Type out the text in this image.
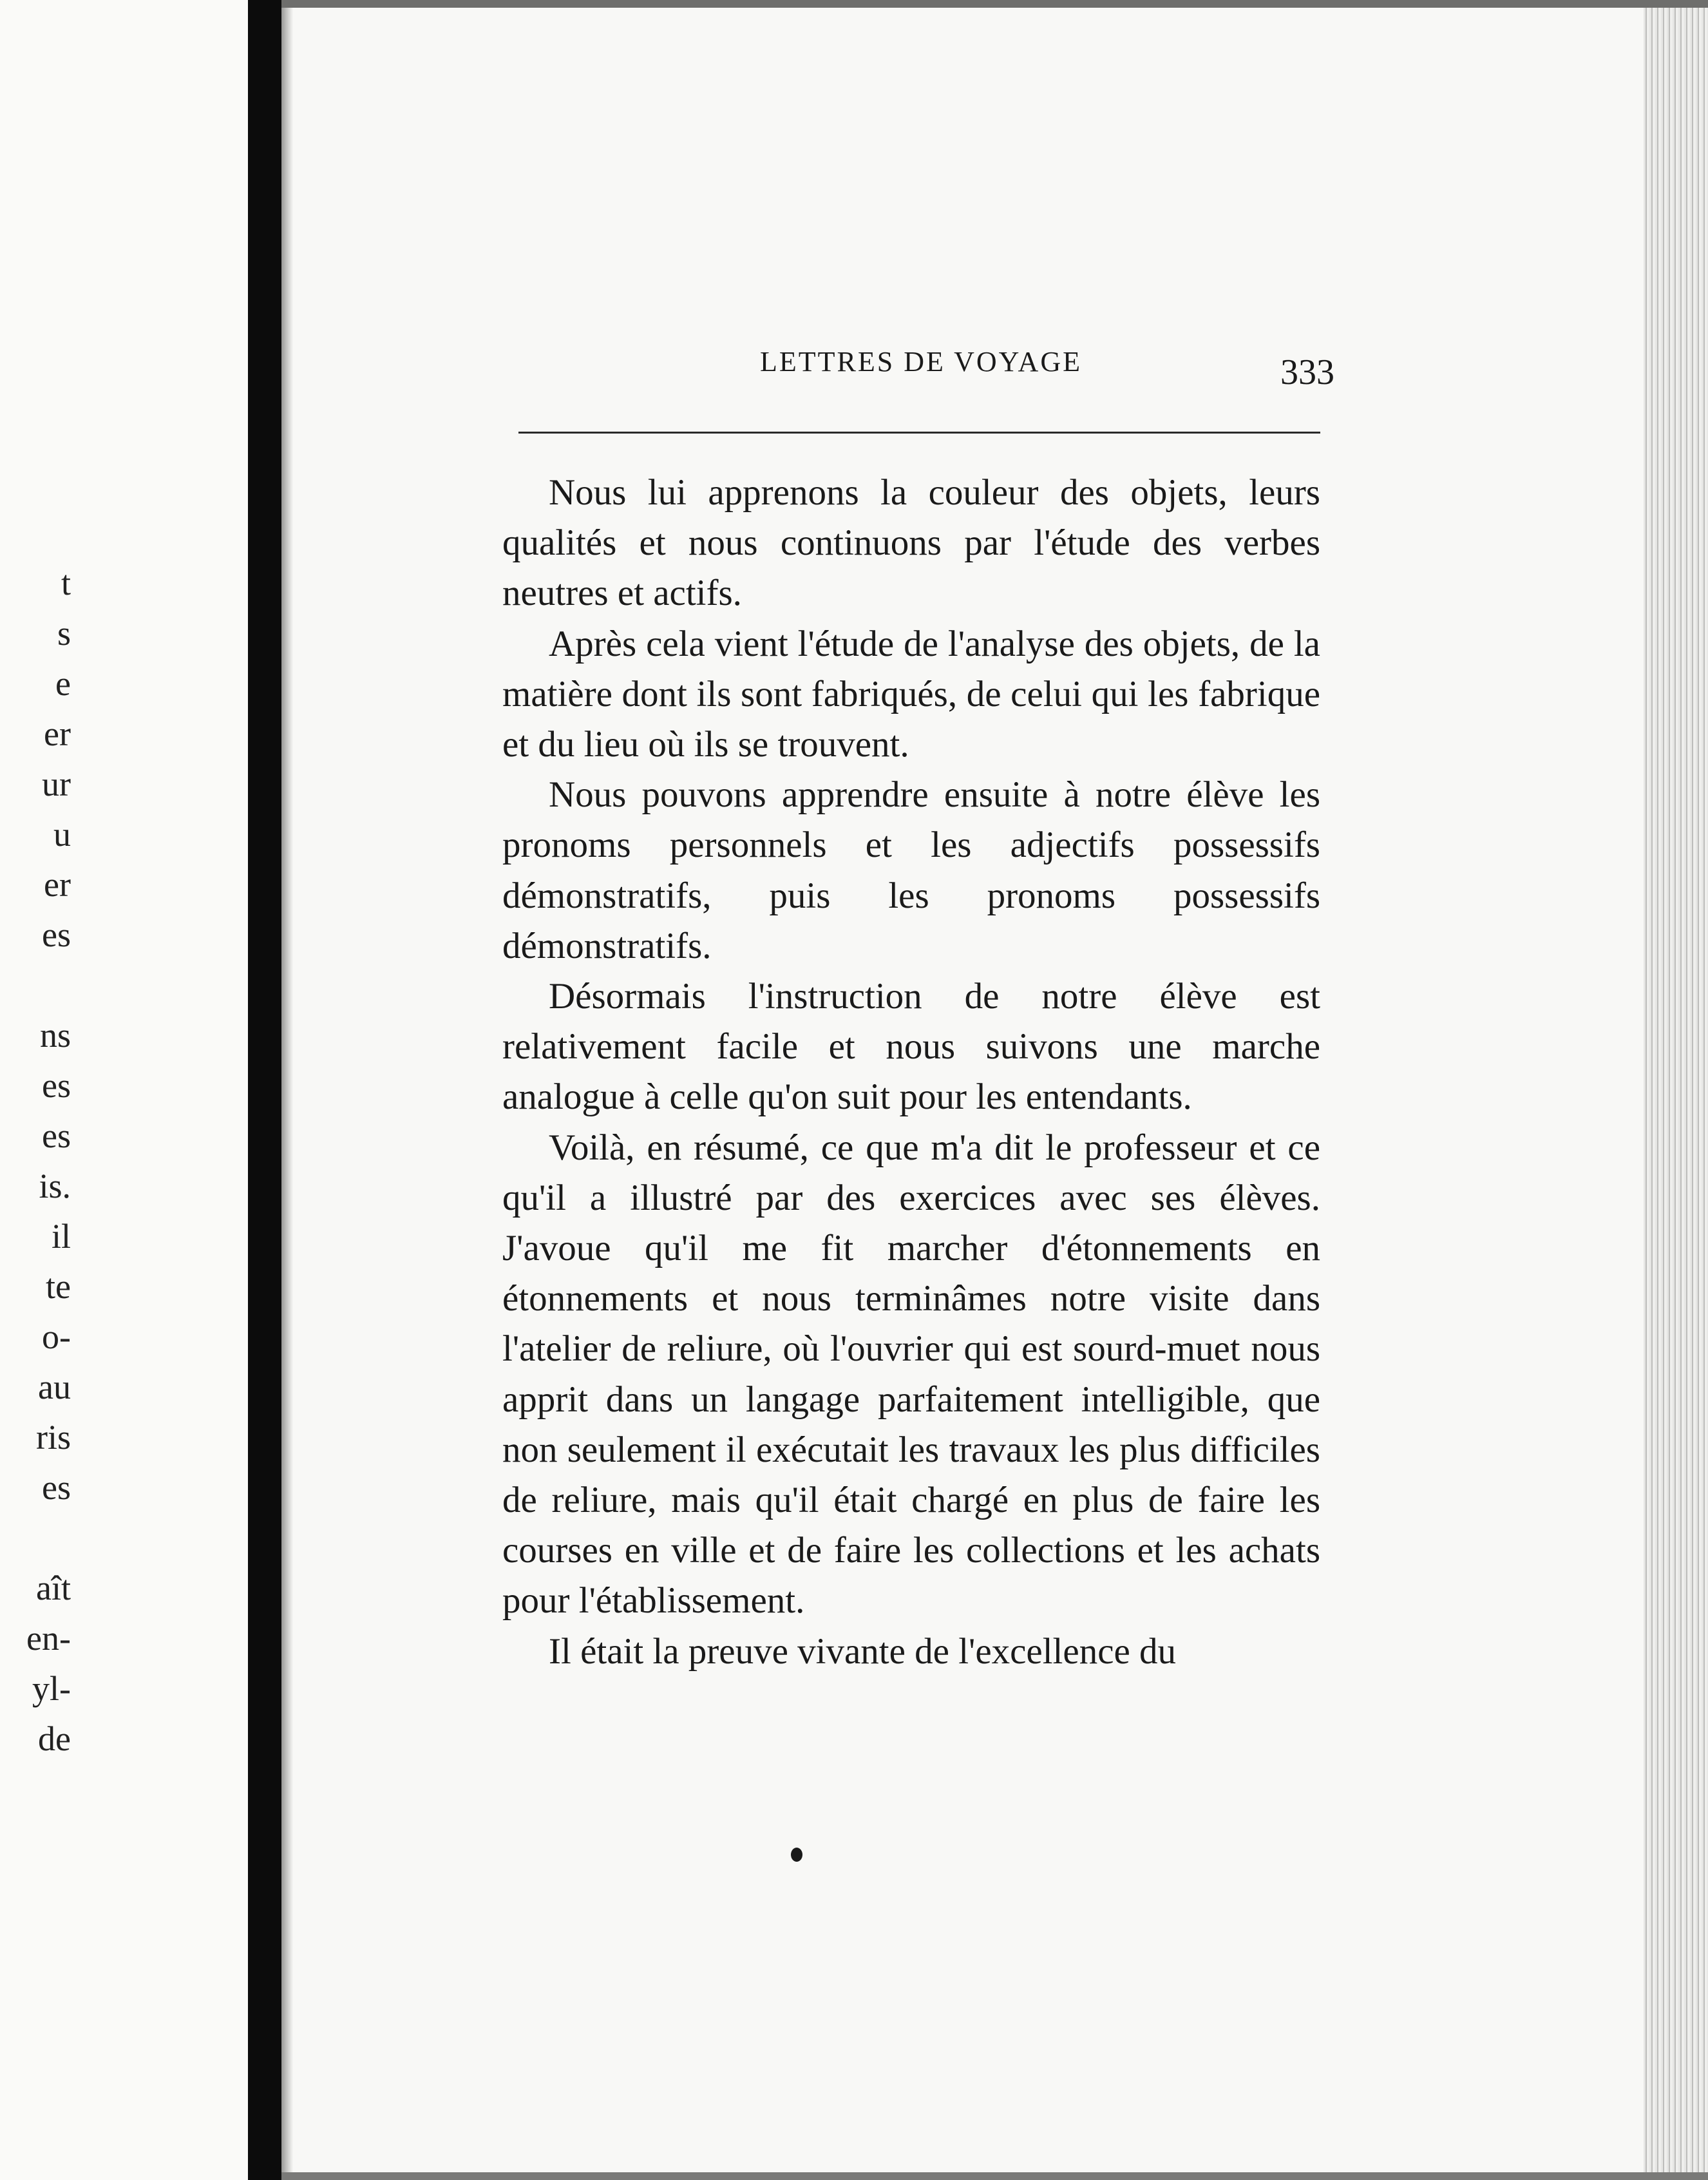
t
s
e
er
ur
u
er
es
ns
es
es
is.
il
te
o-
au
ris
es
aît
en-
yl-
de
LETTRES DE VOYAGE	333

Nous lui apprenons la couleur des objets, leurs qualités et nous continuons par l'étude des verbes neutres et actifs.

Après cela vient l'étude de l'analyse des objets, de la matière dont ils sont fabriqués, de celui qui les fabrique et du lieu où ils se trouvent.

Nous pouvons apprendre ensuite à notre élève les pronoms personnels et les adjectifs possessifs démonstratifs, puis les pronoms possessifs démonstratifs.

Désormais l'instruction de notre élève est relativement facile et nous suivons une marche analogue à celle qu'on suit pour les entendants.

Voilà, en résumé, ce que m'a dit le professeur et ce qu'il a illustré par des exercices avec ses élèves. J'avoue qu'il me fit marcher d'étonnements en étonnements et nous terminâmes notre visite dans l'atelier de reliure, où l'ouvrier qui est sourd-muet nous apprit dans un langage parfaitement intelligible, que non seulement il exécutait les travaux les plus difficiles de reliure, mais qu'il était chargé en plus de faire les courses en ville et de faire les collections et les achats pour l'établissement.

Il était la preuve vivante de l'excellence du
